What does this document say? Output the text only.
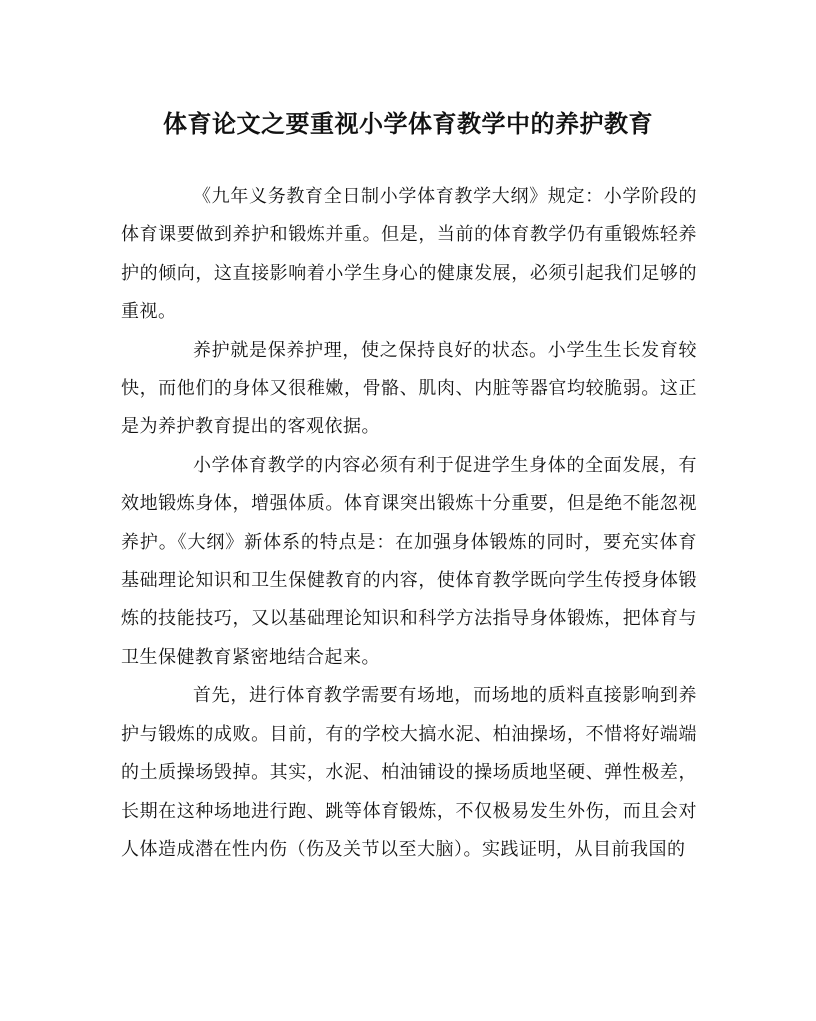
体育论文之要重视小学体育教学中的养护教育

《九年义务教育全日制小学体育教学大纲》规定：小学阶段的体育课要做到养护和锻炼并重。但是，当前的体育教学仍有重锻炼轻养护的倾向，这直接影响着小学生身心的健康发展，必须引起我们足够的重视。

养护就是保养护理，使之保持良好的状态。小学生生长发育较快，而他们的身体又很稚嫩，骨骼、肌肉、内脏等器官均较脆弱。这正是为养护教育提出的客观依据。

小学体育教学的内容必须有利于促进学生身体的全面发展，有效地锻炼身体，增强体质。体育课突出锻炼十分重要，但是绝不能忽视养护。《大纲》新体系的特点是：在加强身体锻炼的同时，要充实体育基础理论知识和卫生保健教育的内容，使体育教学既向学生传授身体锻炼的技能技巧，又以基础理论知识和科学方法指导身体锻炼，把体育与卫生保健教育紧密地结合起来。

首先，进行体育教学需要有场地，而场地的质料直接影响到养护与锻炼的成败。目前，有的学校大搞水泥、柏油操场，不惜将好端端的土质操场毁掉。其实，水泥、柏油铺设的操场质地坚硬、弹性极差，长期在这种场地进行跑、跳等体育锻炼，不仅极易发生外伤，而且会对人体造成潜在性内伤（伤及关节以至大脑）。实践证明，从目前我国的
